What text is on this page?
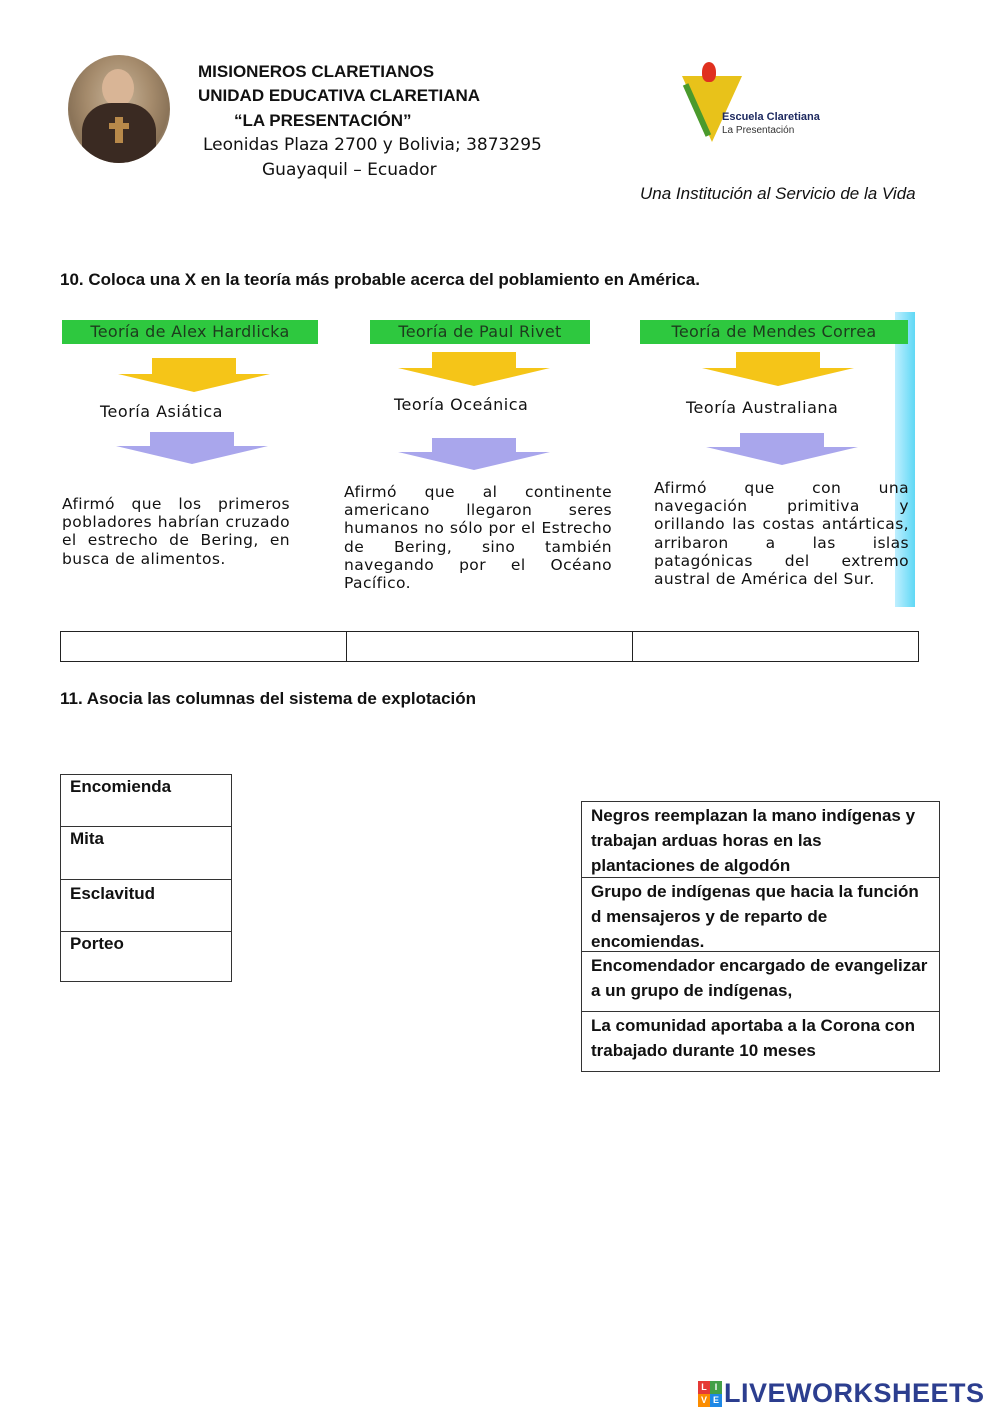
MISIONEROS CLARETIANOS
UNIDAD EDUCATIVA CLARETIANA
“LA PRESENTACIÓN”
Leonidas Plaza 2700 y Bolivia; 3873295
Guayaquil – Ecuador
Escuela Claretiana
La Presentación
Una Institución al Servicio de la Vida
10. Coloca una X en la teoría más probable acerca del poblamiento en América.
Teoría de Alex Hardlicka
Teoría Asiática
Afirmó que los primeros pobladores habrían cruzado el estrecho de Bering, en busca de alimentos.
Teoría de Paul Rivet
Teoría Oceánica
Afirmó que al continente americano llegaron seres humanos no sólo por el Estrecho de Bering, sino también navegando por el Océano Pacífico.
Teoría de Mendes Correa
Teoría Australiana
Afirmó que con una navegación primitiva y orillando las costas antárticas, arribaron a las islas patagónicas del extremo austral de América del Sur.
11. Asocia las columnas del sistema de explotación
Encomienda
Mita
Esclavitud
Porteo
Negros reemplazan la mano indígenas y trabajan arduas horas en las plantaciones de algodón
Grupo de indígenas que hacia la función d mensajeros y de reparto de encomiendas.
Encomendador encargado de evangelizar a un grupo de indígenas,
La comunidad aportaba a la Corona con trabajado durante 10 meses
L I
V E LIVEWORKSHEETS
